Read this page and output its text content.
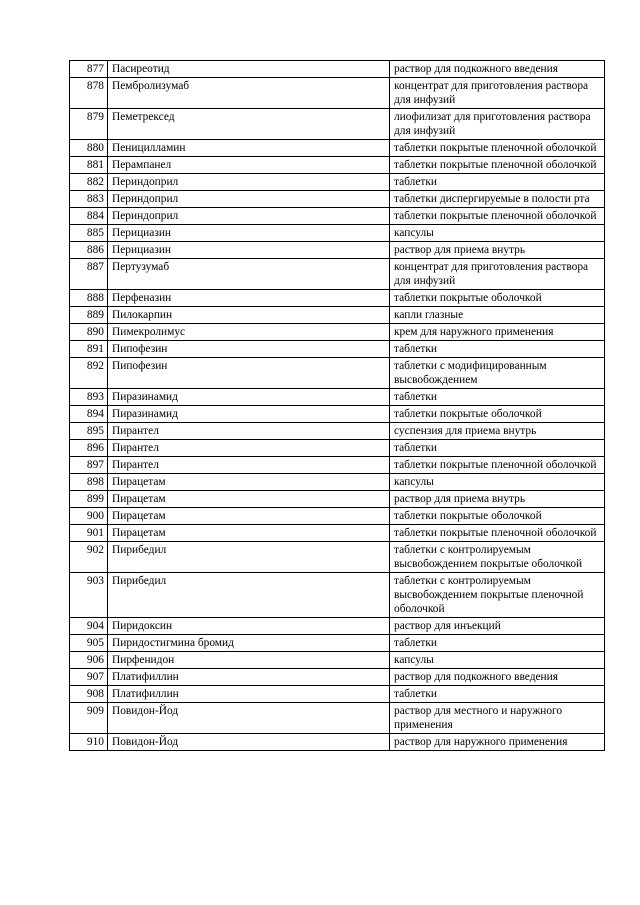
877	Пасиреотид	раствор для подкожного введения
878	Пембролизумаб	концентрат для приготовления раствора для инфузий
879	Пеметрексед	лиофилизат для приготовления раствора для инфузий
880	Пеницилламин	таблетки покрытые пленочной оболочкой
881	Перампанел	таблетки покрытые пленочной оболочкой
882	Периндоприл	таблетки
883	Периндоприл	таблетки диспергируемые в полости рта
884	Периндоприл	таблетки покрытые пленочной оболочкой
885	Перициазин	капсулы
886	Перициазин	раствор для приема внутрь
887	Пертузумаб	концентрат для приготовления раствора для инфузий
888	Перфеназин	таблетки покрытые оболочкой
889	Пилокарпин	капли глазные
890	Пимекролимус	крем для наружного применения
891	Пипофезин	таблетки
892	Пипофезин	таблетки с модифицированным высвобождением
893	Пиразинамид	таблетки
894	Пиразинамид	таблетки покрытые оболочкой
895	Пирантел	суспензия для приема внутрь
896	Пирантел	таблетки
897	Пирантел	таблетки покрытые пленочной оболочкой
898	Пирацетам	капсулы
899	Пирацетам	раствор для приема внутрь
900	Пирацетам	таблетки покрытые оболочкой
901	Пирацетам	таблетки покрытые пленочной оболочкой
902	Пирибедил	таблетки с контролируемым высвобождением покрытые оболочкой
903	Пирибедил	таблетки с контролируемым высвобождением покрытые пленочной оболочкой
904	Пиридоксин	раствор для инъекций
905	Пиридостигмина бромид	таблетки
906	Пирфенидон	капсулы
907	Платифиллин	раствор для подкожного введения
908	Платифиллин	таблетки
909	Повидон-Йод	раствор для местного и наружного применения
910	Повидон-Йод	раствор для наружного применения
